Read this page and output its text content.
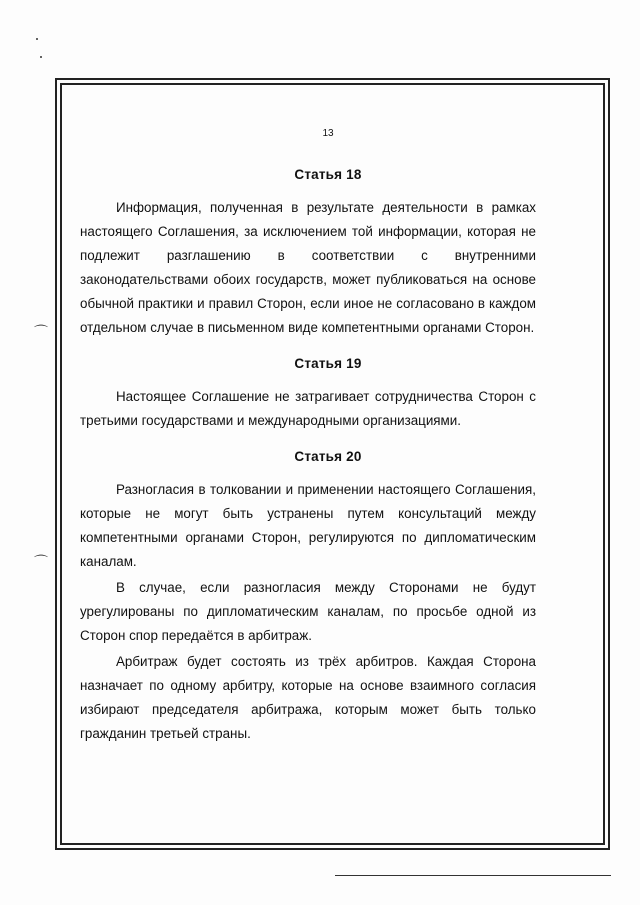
⌒
⌒
13
Статья 18

Информация, полученная в результате деятельности в рамках настоящего Соглашения, за исключением той информации, которая не подлежит разглашению в соответствии с внутренними законодательствами обоих государств, может публиковаться на основе обычной практики и правил Сторон, если иное не согласовано в каждом отдельном случае в письменном виде компетентными органами Сторон.

Статья 19

Настоящее Соглашение не затрагивает сотрудничества Сторон с третьими государствами и международными организациями.

Статья 20

Разногласия в толковании и применении настоящего Соглашения, которые не могут быть устранены путем консультаций между компетентными органами Сторон, регулируются по дипломатическим каналам.

В случае, если разногласия между Сторонами не будут урегулированы по дипломатическим каналам, по просьбе одной из Сторон спор передаётся в арбитраж.

Арбитраж будет состоять из трёх арбитров. Каждая Сторона назначает по одному арбитру, которые на основе взаимного согласия избирают председателя арбитража, которым может быть только гражданин третьей страны.
